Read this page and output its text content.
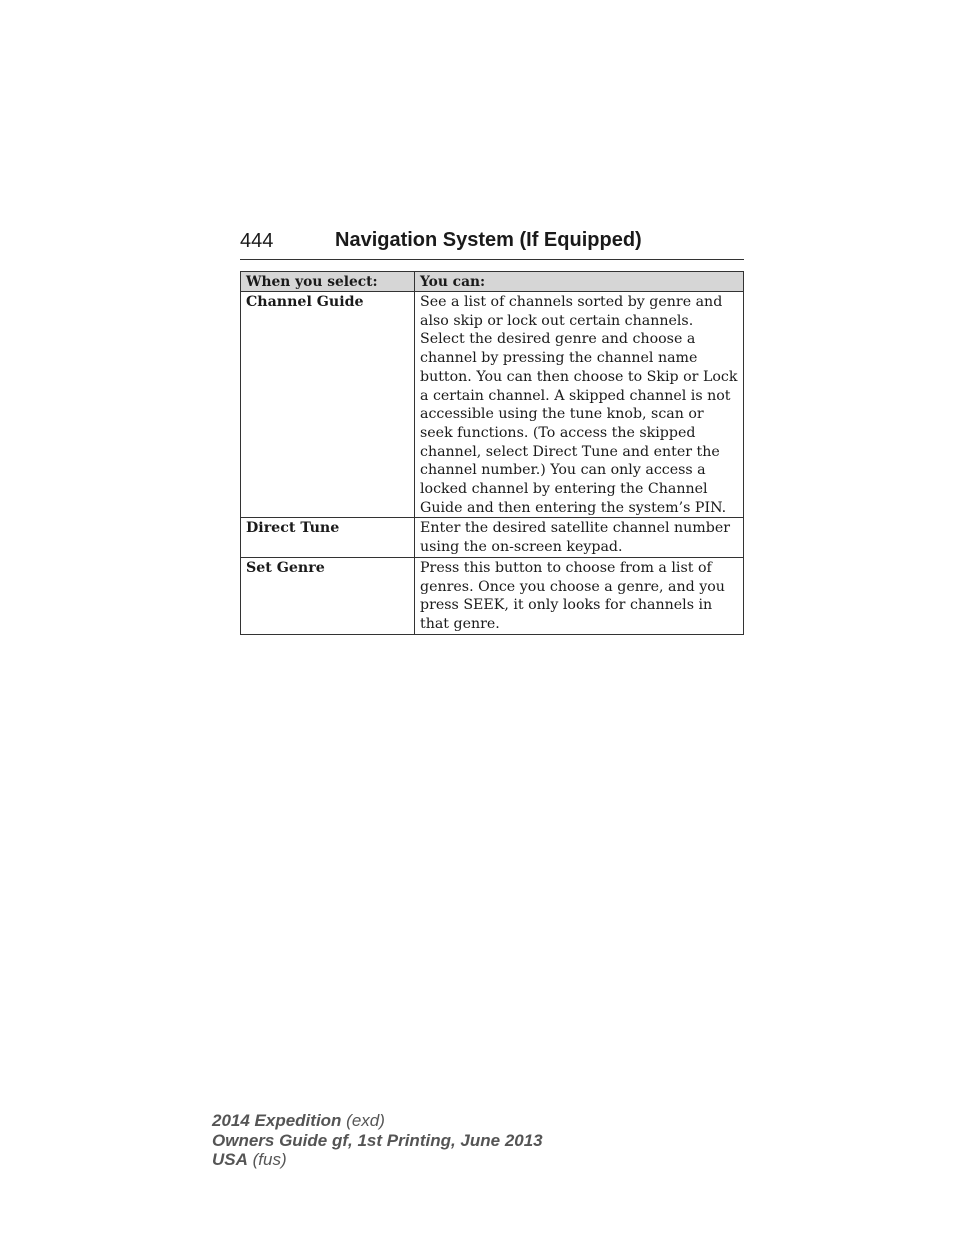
444	Navigation System (If Equipped)
When you select:	You can:
Channel Guide	See a list of channels sorted by genre and also skip or lock out certain channels. Select the desired genre and choose a channel by pressing the channel name button. You can then choose to Skip or Lock a certain channel. A skipped channel is not accessible using the tune knob, scan or seek functions. (To access the skipped channel, select Direct Tune and enter the channel number.) You can only access a locked channel by entering the Channel Guide and then entering the system’s PIN.
Direct Tune	Enter the desired satellite channel number using the on-screen keypad.
Set Genre	Press this button to choose from a list of genres. Once you choose a genre, and you press SEEK, it only looks for channels in that genre.
2014 Expedition (exd)
Owners Guide gf, 1st Printing, June 2013
USA (fus)
